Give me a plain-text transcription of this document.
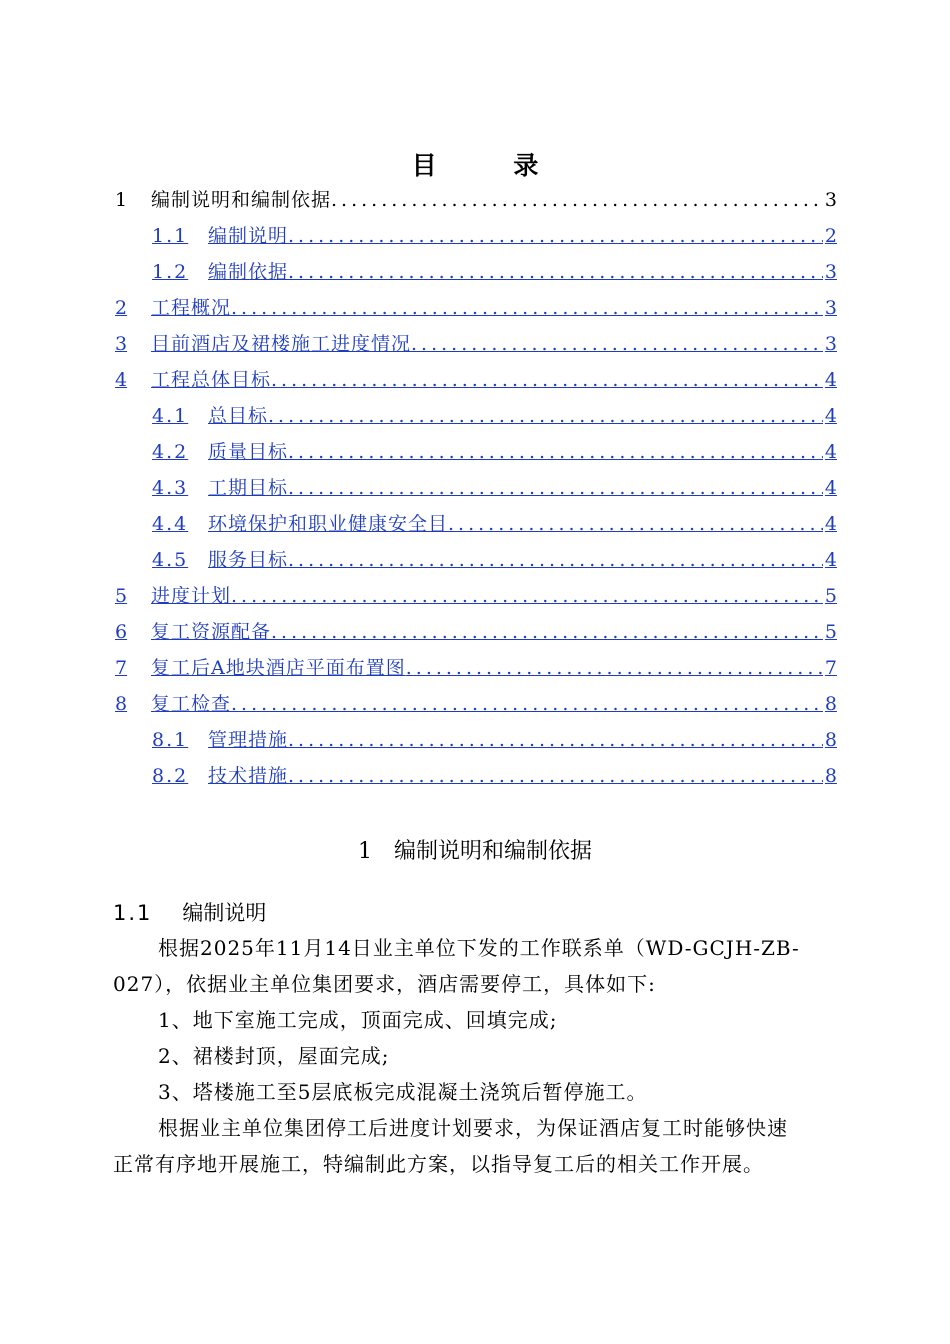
目 录
1	编制说明和编制依据 .....	3
1.1	编制说明 .....	2
1.2	编制依据 .....	3
2	工程概况 .....	3
3	目前酒店及裙楼施工进度情况 .....	3
4	工程总体目标 .....	4
4.1	总目标 .....	4
4.2	质量目标 .....	4
4.3	工期目标 .....	4
4.4	环境保护和职业健康安全目 .....	4
4.5	服务目标 .....	4
5	进度计划 .....	5
6	复工资源配备 .....	5
7	复工后A地块酒店平面布置图 .....	7
8	复工检查 .....	8
8.1	管理措施 .....	8
8.2	技术措施 .....	8
1 编制说明和编制依据
1.1 编制说明
根据2025年11月14日业主单位下发的工作联系单（WD-GCJH-ZB-
027），依据业主单位集团要求，酒店需要停工，具体如下:
1、地下室施工完成，顶面完成、回填完成;
2、裙楼封顶，屋面完成;
3、塔楼施工至5层底板完成混凝土浇筑后暂停施工。
根据业主单位集团停工后进度计划要求，为保证酒店复工时能够快速
正常有序地开展施工，特编制此方案，以指导复工后的相关工作开展。
